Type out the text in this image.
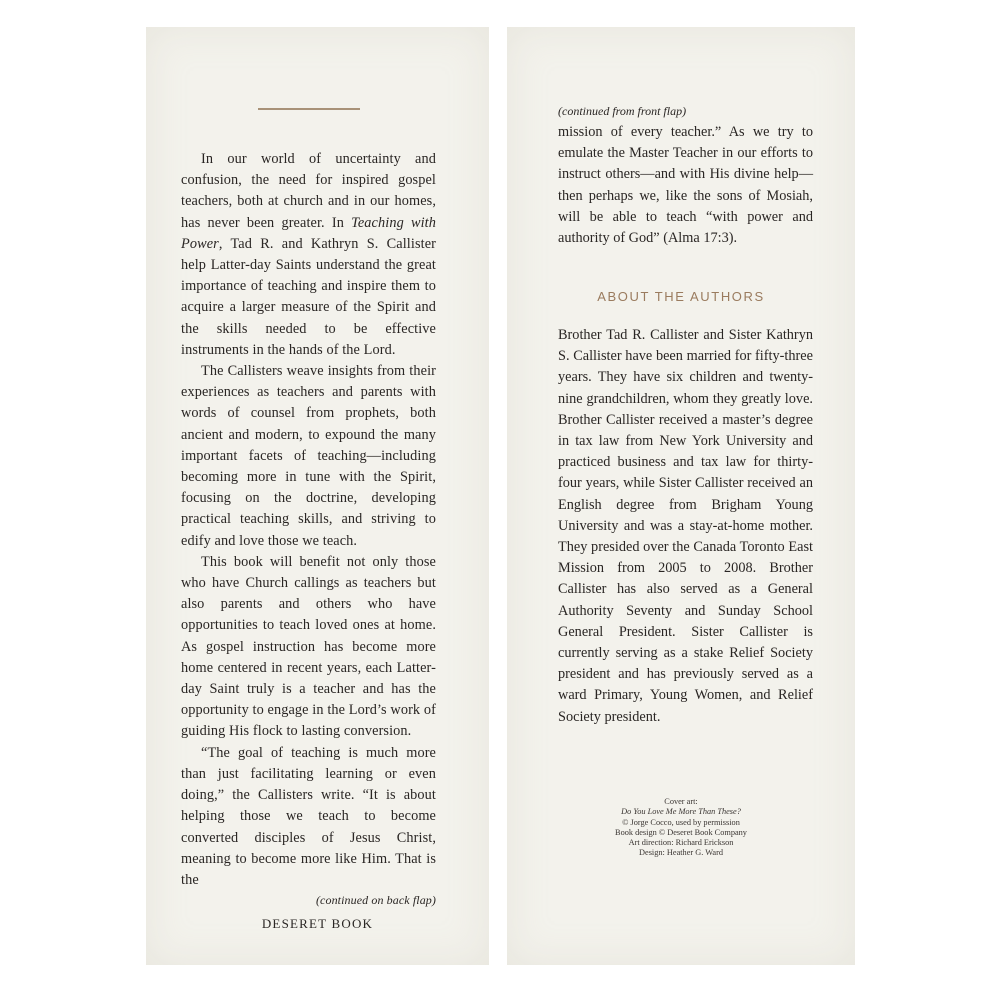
In our world of uncertainty and confusion, the need for inspired gospel teachers, both at church and in our homes, has never been greater. In Teaching with Power, Tad R. and Kathryn S. Callister help Latter-day Saints understand the great importance of teaching and inspire them to acquire a larger measure of the Spirit and the skills needed to be effective instruments in the hands of the Lord.

The Callisters weave insights from their experiences as teachers and parents with words of counsel from prophets, both ancient and modern, to expound the many important facets of teaching—including becoming more in tune with the Spirit, focusing on the doctrine, developing practical teaching skills, and striving to edify and love those we teach.

This book will benefit not only those who have Church callings as teachers but also parents and others who have opportunities to teach loved ones at home. As gospel instruction has become more home centered in recent years, each Latter-day Saint truly is a teacher and has the opportunity to engage in the Lord’s work of guiding His flock to lasting conversion.

“The goal of teaching is much more than just facilitating learning or even doing,” the Callisters write. “It is about helping those we teach to become converted disciples of Jesus Christ, meaning to become more like Him. That is the

(continued on back flap)
DESERET BOOK
(continued from front flap)

mission of every teacher.” As we try to emulate the Master Teacher in our efforts to instruct others—and with His divine help—then perhaps we, like the sons of Mosiah, will be able to teach “with power and authority of God” (Alma 17:3).

ABOUT THE AUTHORS

Brother Tad R. Callister and Sister Kathryn S. Callister have been married for fifty-three years. They have six children and twenty-nine grandchildren, whom they greatly love. Brother Callister received a master’s degree in tax law from New York University and practiced business and tax law for thirty-four years, while Sister Callister received an English degree from Brigham Young University and was a stay-at-home mother. They presided over the Canada Toronto East Mission from 2005 to 2008. Brother Callister has also served as a General Authority Seventy and Sunday School General President. Sister Callister is currently serving as a stake Relief Society president and has previously served as a ward Primary, Young Women, and Relief Society president.

Cover art:
Do You Love Me More Than These?
© Jorge Cocco, used by permission
Book design © Deseret Book Company
Art direction: Richard Erickson
Design: Heather G. Ward
